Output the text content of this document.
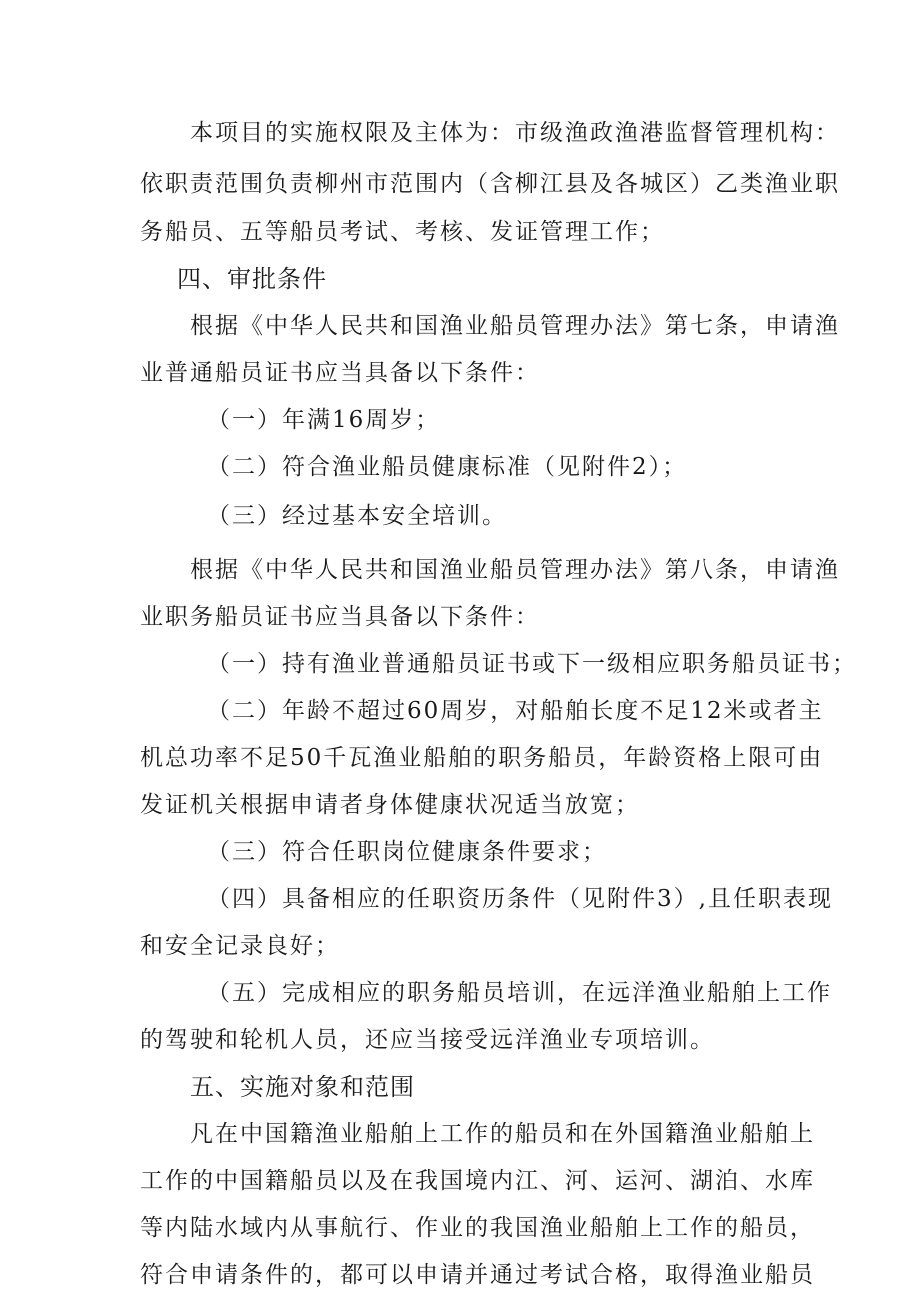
本项目的实施权限及主体为：市级渔政渔港监督管理机构：
依职责范围负责柳州市范围内（含柳江县及各城区）乙类渔业职
务船员、五等船员考试、考核、发证管理工作；
四、审批条件
根据《中华人民共和国渔业船员管理办法》第七条，申请渔
业普通船员证书应当具备以下条件：
（一）年满16周岁；
（二）符合渔业船员健康标准（见附件2）；
（三）经过基本安全培训。
根据《中华人民共和国渔业船员管理办法》第八条，申请渔
业职务船员证书应当具备以下条件：
（一）持有渔业普通船员证书或下一级相应职务船员证书；
（二）年龄不超过60周岁，对船舶长度不足12米或者主
机总功率不足50千瓦渔业船舶的职务船员，年龄资格上限可由
发证机关根据申请者身体健康状况适当放宽；
（三）符合任职岗位健康条件要求；
（四）具备相应的任职资历条件（见附件3）,且任职表现
和安全记录良好；
（五）完成相应的职务船员培训，在远洋渔业船舶上工作
的驾驶和轮机人员，还应当接受远洋渔业专项培训。
五、实施对象和范围
凡在中国籍渔业船舶上工作的船员和在外国籍渔业船舶上
工作的中国籍船员以及在我国境内江、河、运河、湖泊、水库
等内陆水域内从事航行、作业的我国渔业船舶上工作的船员，
符合申请条件的，都可以申请并通过考试合格，取得渔业船员
